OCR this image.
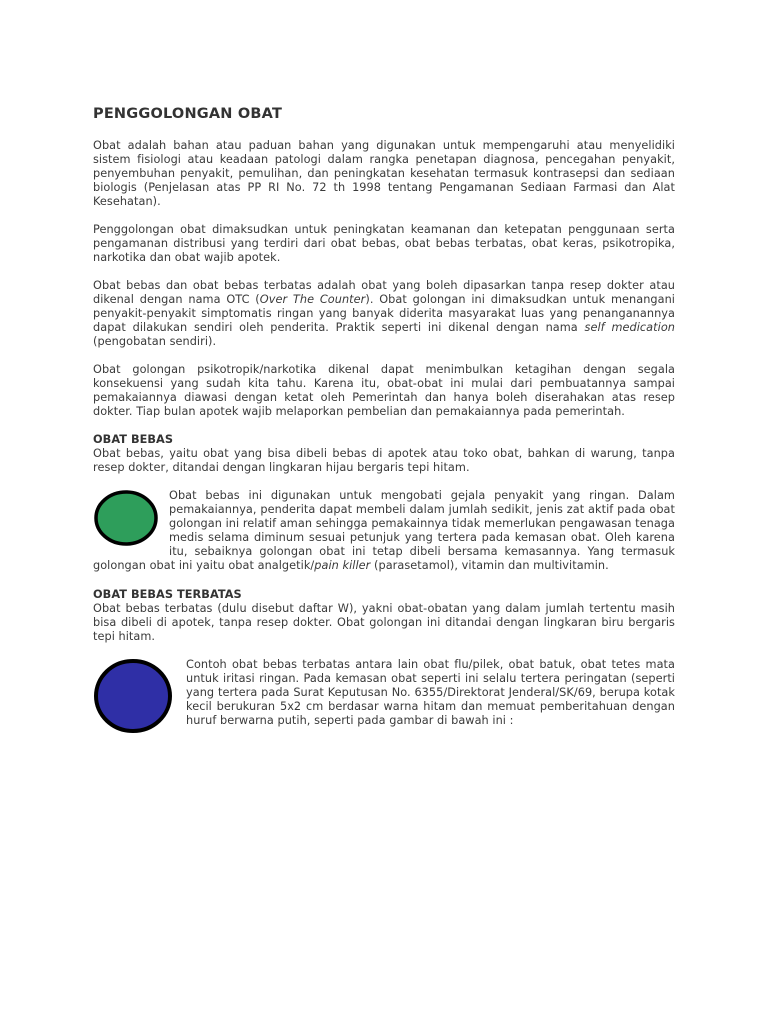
PENGGOLONGAN OBAT

Obat adalah bahan atau paduan bahan yang digunakan untuk mempengaruhi atau menyelidiki sistem fisiologi atau keadaan patologi dalam rangka penetapan diagnosa, pencegahan penyakit, penyembuhan penyakit, pemulihan, dan peningkatan kesehatan termasuk kontrasepsi dan sediaan biologis (Penjelasan atas PP RI No. 72 th 1998 tentang Pengamanan Sediaan Farmasi dan Alat Kesehatan).

Penggolongan obat dimaksudkan untuk peningkatan keamanan dan ketepatan penggunaan serta pengamanan distribusi yang terdiri dari obat bebas, obat bebas terbatas, obat keras, psikotropika, narkotika dan obat wajib apotek.

Obat bebas dan obat bebas terbatas adalah obat yang boleh dipasarkan tanpa resep dokter atau dikenal dengan nama OTC (Over The Counter). Obat golongan ini dimaksudkan untuk menangani penyakit-penyakit simptomatis ringan yang banyak diderita masyarakat luas yang penanganannya dapat dilakukan sendiri oleh penderita. Praktik seperti ini dikenal dengan nama self medication (pengobatan sendiri).

Obat golongan psikotropik/narkotika dikenal dapat menimbulkan ketagihan dengan segala konsekuensi yang sudah kita tahu. Karena itu, obat-obat ini mulai dari pembuatannya sampai pemakaiannya diawasi dengan ketat oleh Pemerintah dan hanya boleh diserahakan atas resep dokter. Tiap bulan apotek wajib melaporkan pembelian dan pemakaiannya pada pemerintah.

OBAT BEBAS

Obat bebas, yaitu obat yang bisa dibeli bebas di apotek atau toko obat, bahkan di warung, tanpa resep dokter, ditandai dengan lingkaran hijau bergaris tepi hitam.

Obat bebas ini digunakan untuk mengobati gejala penyakit yang ringan. Dalam pemakaiannya, penderita dapat membeli dalam jumlah sedikit, jenis zat aktif pada obat golongan ini relatif aman sehingga pemakainnya tidak memerlukan pengawasan tenaga medis selama diminum sesuai petunjuk yang tertera pada kemasan obat. Oleh karena itu, sebaiknya golongan obat ini tetap dibeli bersama kemasannya. Yang termasuk golongan obat ini yaitu obat analgetik/pain killer (parasetamol), vitamin dan multivitamin.

OBAT BEBAS TERBATAS

Obat bebas terbatas (dulu disebut daftar W), yakni obat-obatan yang dalam jumlah tertentu masih bisa dibeli di apotek, tanpa resep dokter. Obat golongan ini ditandai dengan lingkaran biru bergaris tepi hitam.

Contoh obat bebas terbatas antara lain obat flu/pilek, obat batuk, obat tetes mata untuk iritasi ringan. Pada kemasan obat seperti ini selalu tertera peringatan (seperti yang tertera pada Surat Keputusan No. 6355/Direktorat Jenderal/SK/69, berupa kotak kecil berukuran 5x2 cm berdasar warna hitam dan memuat pemberitahuan dengan huruf berwarna putih, seperti pada gambar di bawah ini :
